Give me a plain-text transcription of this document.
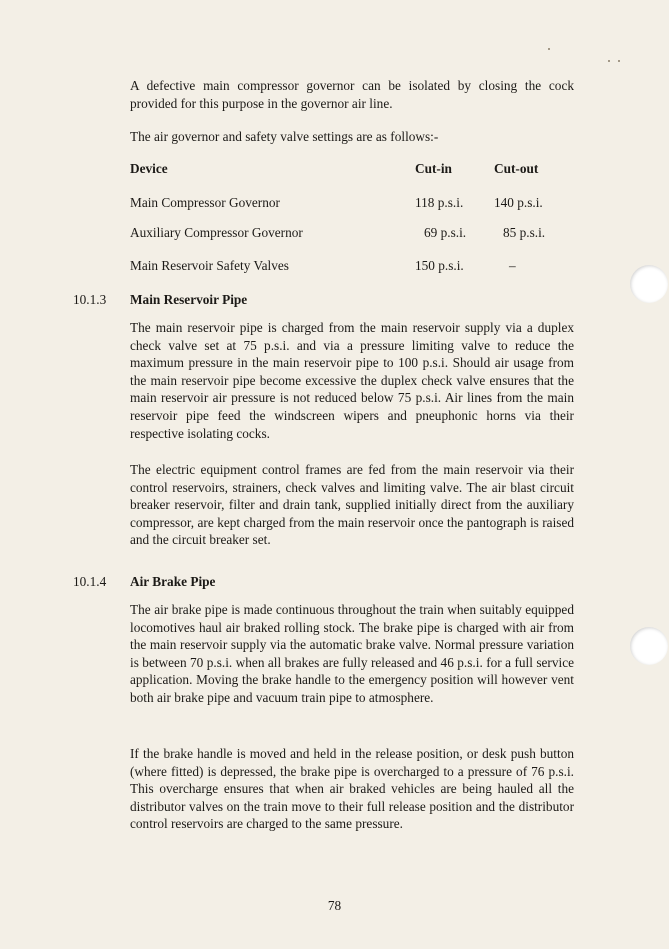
A defective main compressor governor can be isolated by closing the cock provided for this purpose in the governor air line.

The air governor and safety valve settings are as follows:-

Device	Cut-in	Cut-out
Main Compressor Governor	118 p.s.i. 140 p.s.i.
Auxiliary Compressor Governor	69 p.s.i.	85 p.s.i.
Main Reservoir Safety Valves	150 p.s.i.	–
10.1.3 Main Reservoir Pipe

The main reservoir pipe is charged from the main reservoir supply via a duplex check valve set at 75 p.s.i. and via a pressure limiting valve to reduce the maximum pressure in the main reservoir pipe to 100 p.s.i. Should air usage from the main reservoir pipe become excessive the duplex check valve ensures that the main reservoir air pressure is not reduced below 75 p.s.i. Air lines from the main reservoir pipe feed the windscreen wipers and pneuphonic horns via their respective isolating cocks.

The electric equipment control frames are fed from the main reservoir via their control reservoirs, strainers, check valves and limiting valve. The air blast circuit breaker reservoir, filter and drain tank, supplied initially direct from the auxiliary compressor, are kept charged from the main reservoir once the pantograph is raised and the circuit breaker set.

10.1.4 Air Brake Pipe

The air brake pipe is made continuous throughout the train when suitably equipped locomotives haul air braked rolling stock. The brake pipe is charged with air from the main reservoir supply via the automatic brake valve. Normal pressure variation is between 70 p.s.i. when all brakes are fully released and 46 p.s.i. for a full service application. Moving the brake handle to the emergency position will however vent both air brake pipe and vacuum train pipe to atmosphere.

If the brake handle is moved and held in the release position, or desk push button (where fitted) is depressed, the brake pipe is overcharged to a pressure of 76 p.s.i. This overcharge ensures that when air braked vehicles are being hauled all the distributor valves on the train move to their full release position and the distributor control reservoirs are charged to the same pressure.

78
